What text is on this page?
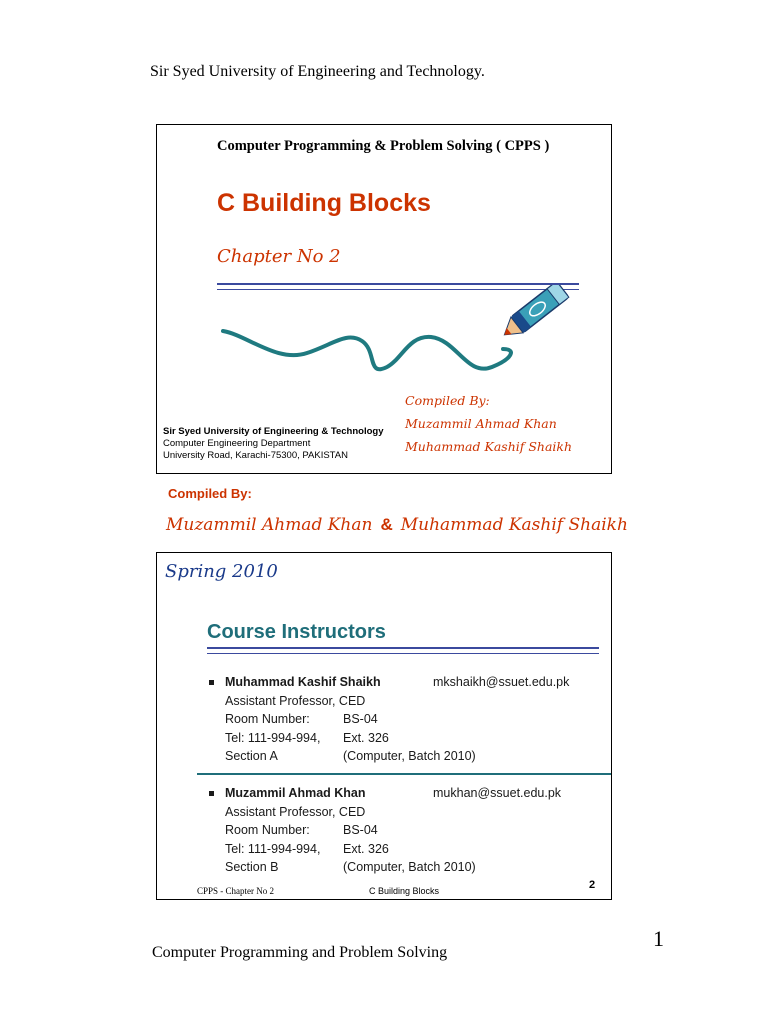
Sir Syed University of Engineering and Technology.
Computer Programming & Problem Solving ( CPPS )
C Building Blocks
Chapter No 2
Sir Syed University of Engineering & Technology
Computer Engineering Department
University Road, Karachi-75300, PAKISTAN
Compiled By:
Muzammil Ahmad Khan
Muhammad Kashif Shaikh
Compiled By:
Muzammil Ahmad Khan & Muhammad Kashif Shaikh
Spring 2010
Course Instructors
Muhammad Kashif Shaikh	mkshaikh@ssuet.edu.pk
Assistant Professor, CED
Room Number:	BS-04
Tel: 111-994-994, Ext. 326
Section A	(Computer, Batch 2010)
Muzammil Ahmad Khan	mukhan@ssuet.edu.pk
Assistant Professor, CED
Room Number:	BS-04
Tel: 111-994-994, Ext. 326
Section B	(Computer, Batch 2010)
CPPS - Chapter No 2	C Building Blocks	2
Computer Programming and Problem Solving
1
